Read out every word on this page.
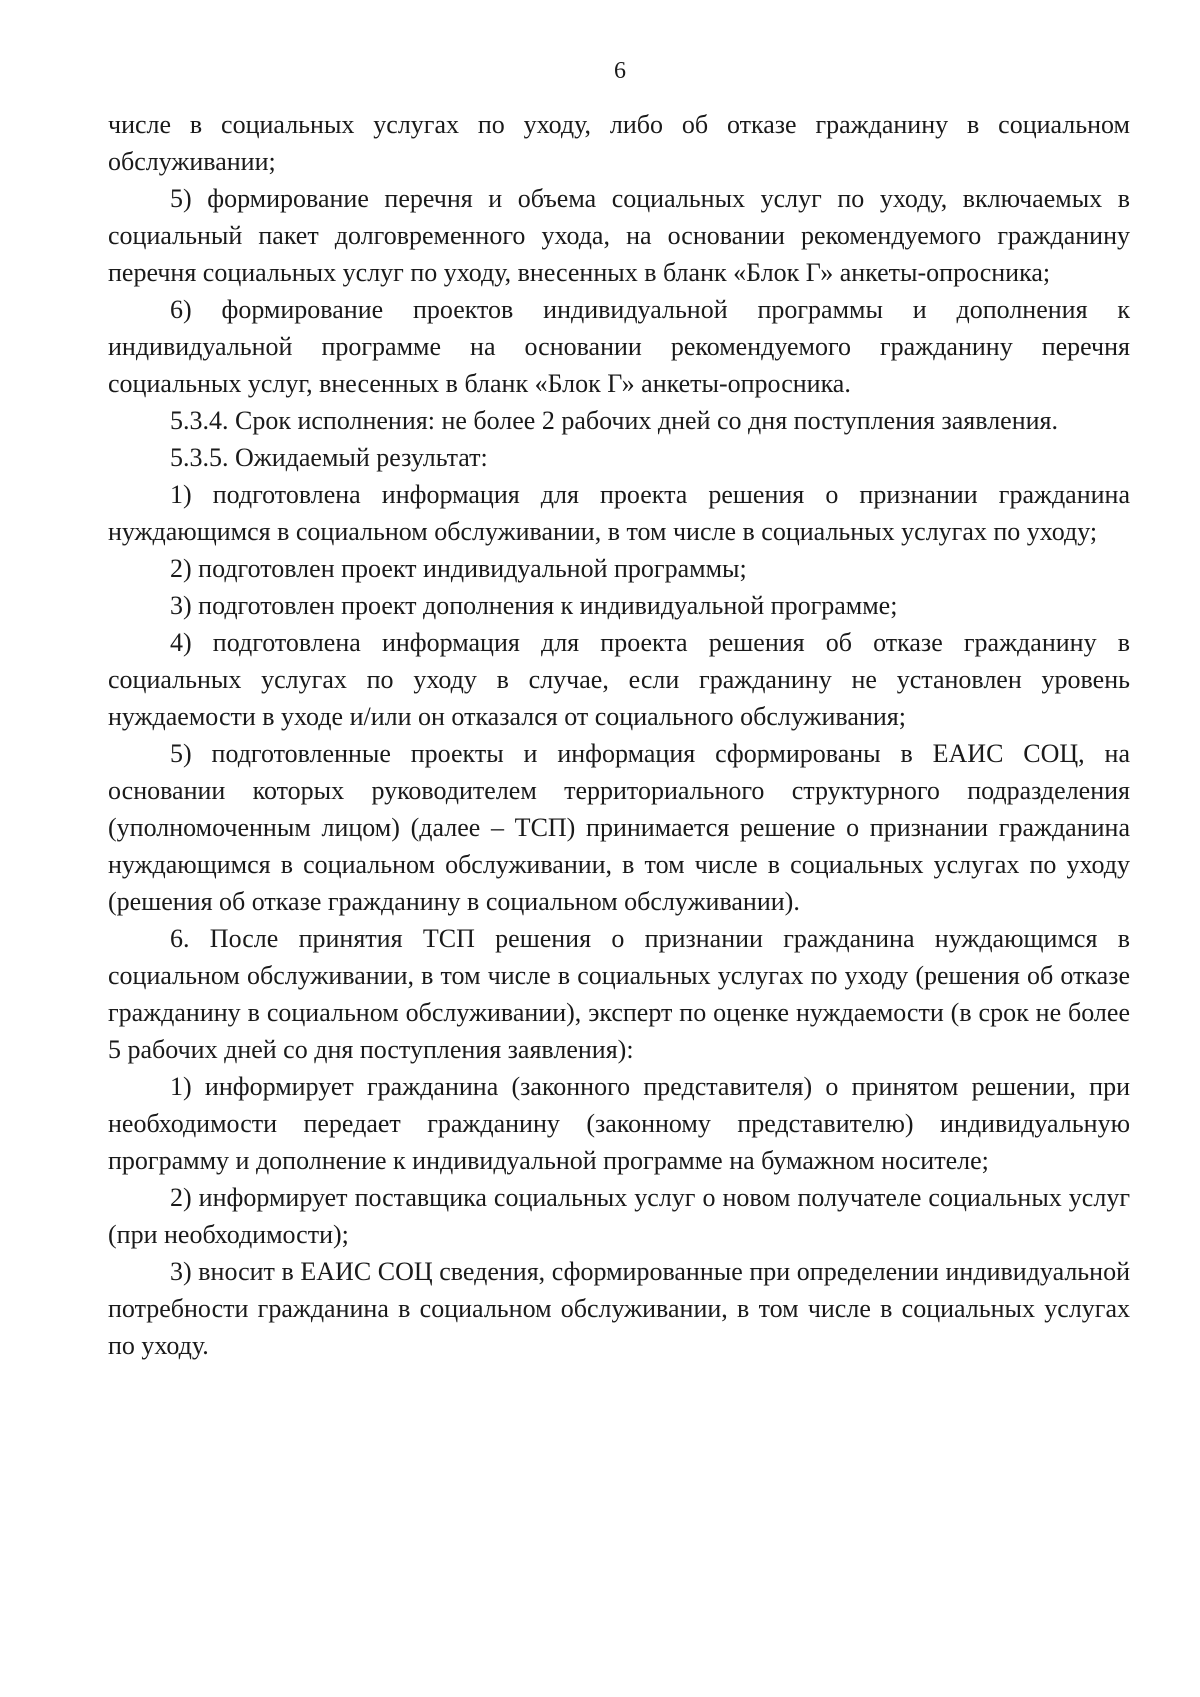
6

числе в социальных услугах по уходу, либо об отказе гражданину в социальном обслуживании;

5) формирование перечня и объема социальных услуг по уходу, включаемых в социальный пакет долговременного ухода, на основании рекомендуемого гражданину перечня социальных услуг по уходу, внесенных в бланк «Блок Г» анкеты-опросника;

6) формирование проектов индивидуальной программы и дополнения к индивидуальной программе на основании рекомендуемого гражданину перечня социальных услуг, внесенных в бланк «Блок Г» анкеты-опросника.

5.3.4. Срок исполнения: не более 2 рабочих дней со дня поступления заявления.

5.3.5. Ожидаемый результат:

1) подготовлена информация для проекта решения о признании гражданина нуждающимся в социальном обслуживании, в том числе в социальных услугах по уходу;

2) подготовлен проект индивидуальной программы;

3) подготовлен проект дополнения к индивидуальной программе;

4) подготовлена информация для проекта решения об отказе гражданину в социальных услугах по уходу в случае, если гражданину не установлен уровень нуждаемости в уходе и/или он отказался от социального обслуживания;

5) подготовленные проекты и информация сформированы в ЕАИС СОЦ, на основании которых руководителем территориального структурного подразделения (уполномоченным лицом) (далее – ТСП) принимается решение о признании гражданина нуждающимся в социальном обслуживании, в том числе в социальных услугах по уходу (решения об отказе гражданину в социальном обслуживании).

6. После принятия ТСП решения о признании гражданина нуждающимся в социальном обслуживании, в том числе в социальных услугах по уходу (решения об отказе гражданину в социальном обслуживании), эксперт по оценке нуждаемости (в срок не более 5 рабочих дней со дня поступления заявления):

1) информирует гражданина (законного представителя) о принятом решении, при необходимости передает гражданину (законному представителю) индивидуальную программу и дополнение к индивидуальной программе на бумажном носителе;

2) информирует поставщика социальных услуг о новом получателе социальных услуг (при необходимости);

3) вносит в ЕАИС СОЦ сведения, сформированные при определении индивидуальной потребности гражданина в социальном обслуживании, в том числе в социальных услугах по уходу.
